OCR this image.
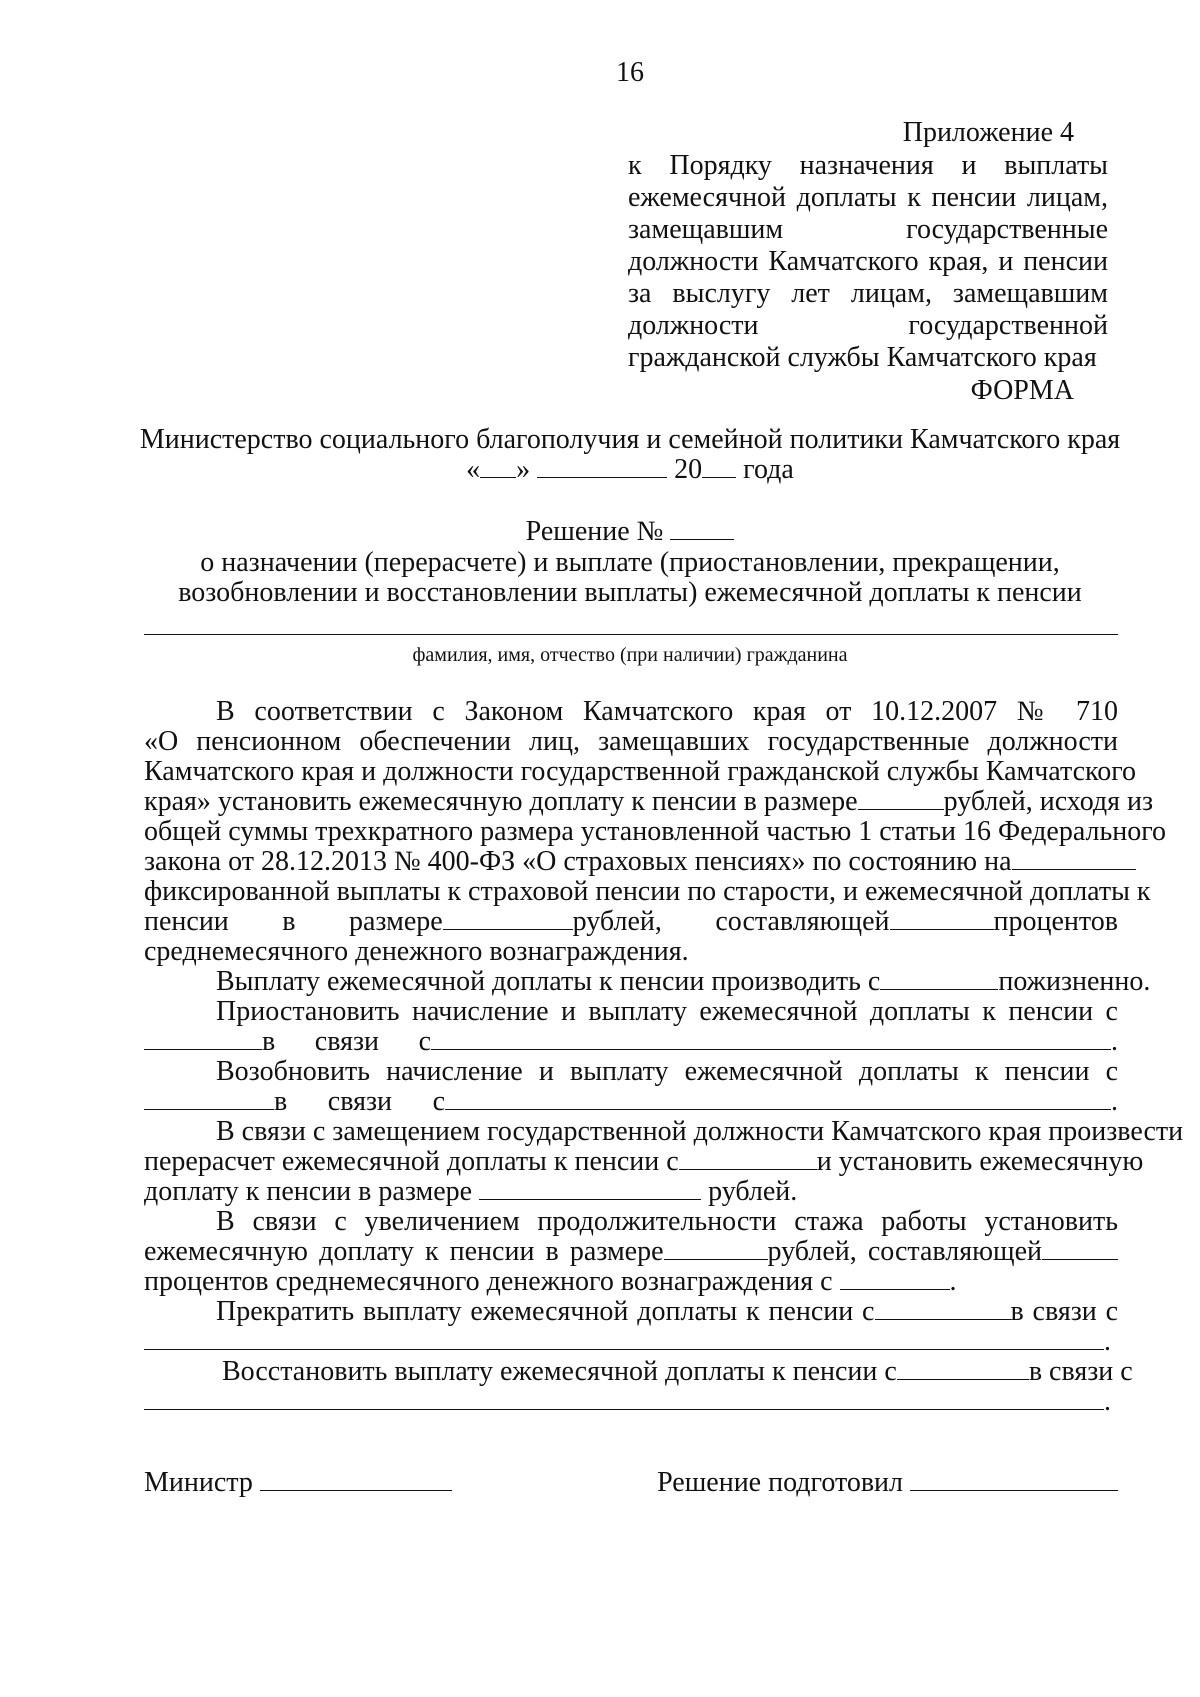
16
Приложение 4
к Порядку назначения и выплаты
ежемесячной доплаты к пенсии лицам,
замещавшим государственные
должности Камчатского края, и пенсии
за выслугу лет лицам, замещавшим
должности государственной
гражданской службы Камчатского края
ФОРМА
Министерство социального благополучия и семейной политики Камчатского края
« »	20 года
Решение №
о назначении (перерасчете) и выплате (приостановлении, прекращении,
возобновлении и восстановлении выплаты) ежемесячной доплаты к пенсии
фамилия, имя, отчество (при наличии) гражданина
В соответствии с Законом Камчатского края от 10.12.2007 № 710
«О пенсионном обеспечении лиц, замещавших государственные должности
Камчатского края и должности государственной гражданской службы Камчатского
края» установить ежемесячную доплату к пенсии в размере	рублей, исходя из
общей суммы трехкратного размера установленной частью 1 статьи 16 Федерального
закона от 28.12.2013 № 400-ФЗ «О страховых пенсиях» по состоянию на
фиксированной выплаты к страховой пенсии по старости, и ежемесячной доплаты к
пенсии в размере	рублей, составляющей	процентов
среднемесячного денежного вознаграждения.
Выплату ежемесячной доплаты к пенсии производить с	пожизненно.
Приостановить начисление и выплату ежемесячной доплаты к пенсии с
в связи с	.
Возобновить начисление и выплату ежемесячной доплаты к пенсии с
в связи с	.
В связи с замещением государственной должности Камчатского края произвести
перерасчет ежемесячной доплаты к пенсии с	и установить ежемесячную
доплату к пенсии в размере	рублей.
В связи с увеличением продолжительности стажа работы установить
ежемесячную доплату к пенсии в размере	рублей, составляющей
процентов среднемесячного денежного вознаграждения с	.
Прекратить выплату ежемесячной доплаты к пенсии с	в связи с
.
Восстановить выплату ежемесячной доплаты к пенсии с	в связи с
.
Министр	Решение подготовил
